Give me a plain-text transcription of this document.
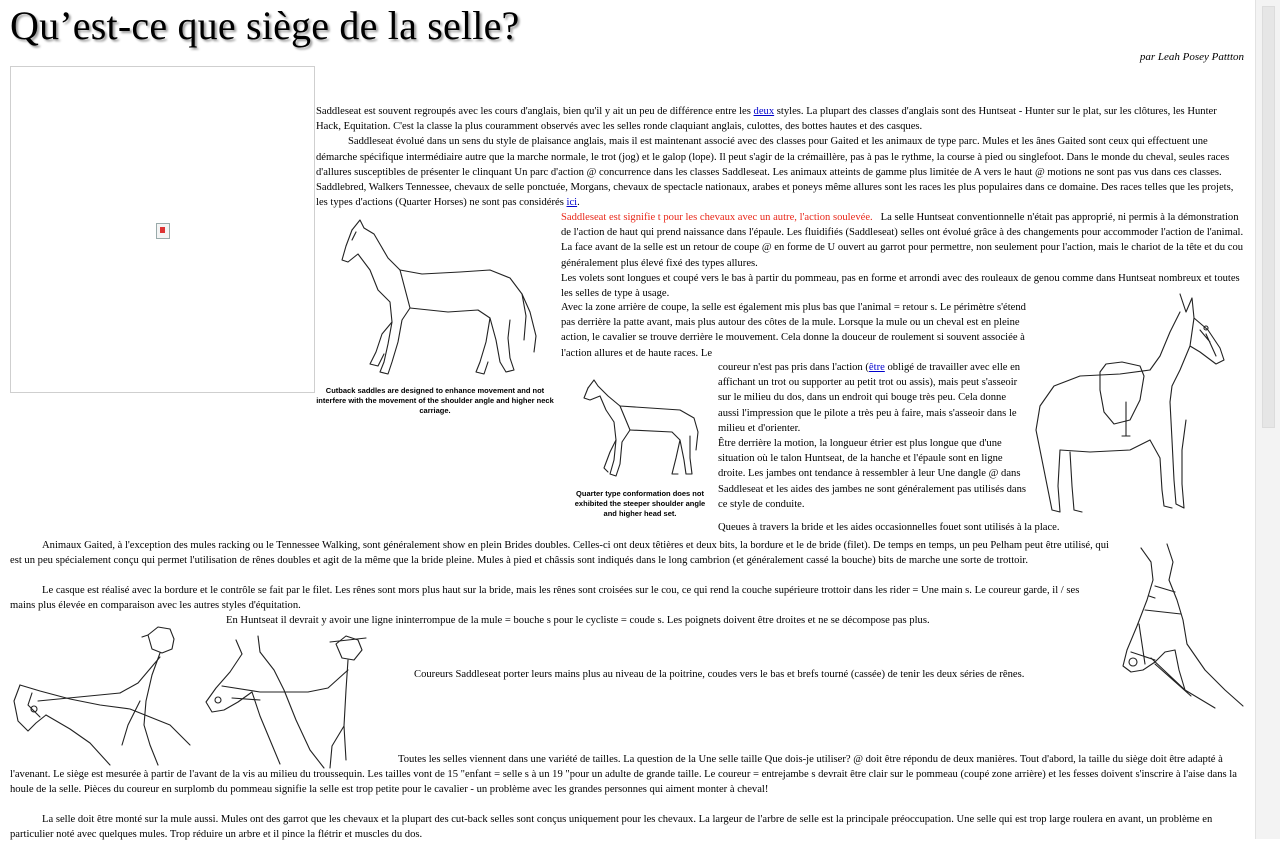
Qu’est-ce que siège de la selle?
par Leah Posey Pattton

Saddleseat est souvent regroupés avec les cours d'anglais, bien qu'il y ait un peu de différence entre les deux styles. La plupart des classes d'anglais sont des Huntseat - Hunter sur le plat, sur les clôtures, les Hunter Hack, Equitation. C'est la classe la plus couramment observés avec les selles ronde claquiant anglais, culottes, des bottes hautes et des casques.
Saddleseat évolué dans un sens du style de plaisance anglais, mais il est maintenant associé avec des classes pour Gaited et les animaux de type parc. Mules et les ânes Gaited sont ceux qui effectuent une démarche spécifique intermédiaire autre que la marche normale, le trot (jog) et le galop (lope). Il peut s'agir de la crémaillère, pas à pas le rythme, la course à pied ou singlefoot. Dans le monde du cheval, seules races d'allures susceptibles de présenter le clinquant Un parc d'action @ concurrence dans les classes Saddleseat. Les animaux atteints de gamme plus limitée de A vers le haut @ motions ne sont pas vus dans ces classes. Saddlebred, Walkers Tennessee, chevaux de selle ponctuée, Morgans, chevaux de spectacle nationaux, arabes et poneys même allures sont les races les plus populaires dans ce domaine. Des races telles que les projets, les types d'actions (Quarter Horses) ne sont pas considérés ici.

Cutback saddles are designed to enhance movement and not interfere with the movement of the shoulder angle and higher neck carriage.

Saddleseat est signifie t pour les chevaux avec un autre, l'action soulevée. La selle Huntseat conventionnelle n'était pas approprié, ni permis à la démonstration de l'action de haut qui prend naissance dans l'épaule. Les fluidifiés (Saddleseat) selles ont évolué grâce à des changements pour accommoder l'action de l'animal. La face avant de la selle est un retour de coupe @ en forme de U ouvert au garrot pour permettre, non seulement pour l'action, mais le chariot de la tête et du cou généralement plus élevé fixé des types allures.
Les volets sont longues et coupé vers le bas à partir du pommeau, pas en forme et arrondi avec des rouleaux de genou comme dans Huntseat nombreux et toutes les selles de type à usage.

Avec la zone arrière de coupe, la selle est également mis plus bas que l'animal = retour s. Le périmètre s'étend pas derrière la patte avant, mais plus autour des côtes de la mule. Lorsque la mule ou un cheval est en pleine action, le cavalier se trouve derrière le mouvement. Cela donne la douceur de roulement si souvent associée à l'action allures et de haute races. Le

Quarter type conformation does not exhibited the steeper shoulder angle and higher head set.

coureur n'est pas pris dans l'action (être obligé de travailler avec elle en affichant un trot ou supporter au petit trot ou assis), mais peut s'asseoir sur le milieu du dos, dans un endroit qui bouge très peu. Cela donne aussi l'impression que le pilote a très peu à faire, mais s'asseoir dans le milieu et d'orienter.
Être derrière la motion, la longueur étrier est plus longue que d'une situation où le talon Huntseat, de la hanche et l'épaule sont en ligne droite. Les jambes ont tendance à ressembler à leur Une dangle @ dans Saddleseat et les aides des jambes ne sont généralement pas utilisés dans ce style de conduite.

Queues à travers la bride et les aides occasionnelles fouet sont utilisés à la place.

Animaux Gaited, à l'exception des mules racking ou le Tennessee Walking, sont généralement show en plein Brides doubles. Celles-ci ont deux têtières et deux bits, la bordure et le de bride (filet). De temps en temps, un peu Pelham peut être utilisé, qui est un peu spécialement conçu qui permet l'utilisation de rênes doubles et agit de la même que la bride pleine. Mules à pied et châssis sont indiqués dans le long cambrion (et généralement cassé la bouche) bits de marche une sorte de trottoir.

Le casque est réalisé avec la bordure et le contrôle se fait par le filet. Les rênes sont mors plus haut sur la bride, mais les rênes sont croisées sur le cou, ce qui rend la couche supérieure trottoir dans les rider = Une main s. Le coureur garde, il / ses mains plus élevée en comparaison avec les autres styles d'équitation.

En Huntseat il devrait y avoir une ligne ininterrompue de la mule = bouche s pour le cycliste = coude s. Les poignets doivent être droites et ne se décompose pas plus.

Coureurs Saddleseat porter leurs mains plus au niveau de la poitrine, coudes vers le bas et brefs tourné (cassée) de tenir les deux séries de rênes.

Toutes les selles viennent dans une variété de tailles. La question de la Une selle taille Que dois-je utiliser? @ doit être répondu de deux manières. Tout d'abord, la taille du siège doit être adapté à l'avenant. Le siège est mesurée à partir de l'avant de la vis au milieu du troussequin. Les tailles vont de 15 "enfant = selle s à un 19 "pour un adulte de grande taille. Le coureur = entrejambe s devrait être clair sur le pommeau (coupé zone arrière) et les fesses doivent s'inscrire à l'aise dans la houle de la selle. Pièces du coureur en surplomb du pommeau signifie la selle est trop petite pour le cavalier - un problème avec les grandes personnes qui aiment monter à cheval!

La selle doit être monté sur la mule aussi. Mules ont des garrot que les chevaux et la plupart des cut-back selles sont conçus uniquement pour les chevaux. La largeur de l'arbre de selle est la principale préoccupation. Une selle qui est trop large roulera en avant, un problème en particulier noté avec quelques mules. Trop réduire un arbre et il pince la flétrir et muscles du dos.
